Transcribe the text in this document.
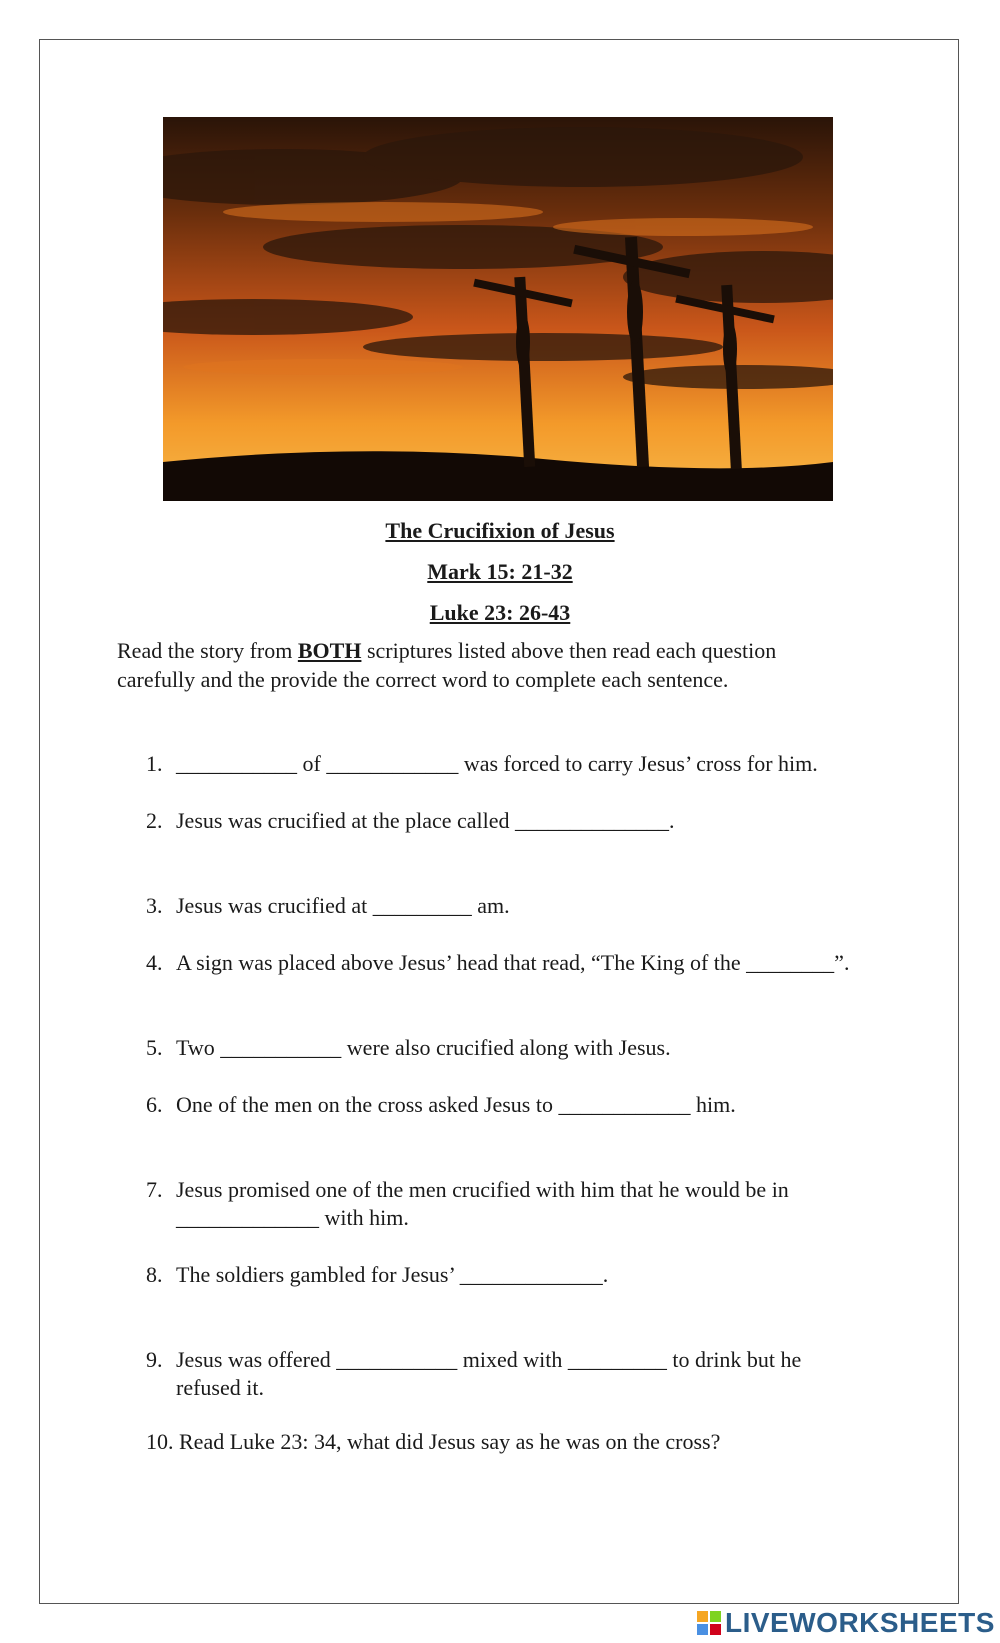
The Crucifixion of Jesus
Mark 15: 21-32
Luke 23: 26-43
Read the story from BOTH scriptures listed above then read each question carefully and the provide the correct word to complete each sentence.
1. ___________ of ____________ was forced to carry Jesus’ cross for him.
2. Jesus was crucified at the place called ______________.
3. Jesus was crucified at _________ am.
4. A sign was placed above Jesus’ head that read, “The King of the ________”.
5. Two ___________ were also crucified along with Jesus.
6. One of the men on the cross asked Jesus to ____________ him.
7. Jesus promised one of the men crucified with him that he would be in
_____________ with him.
8. The soldiers gambled for Jesus’ _____________.
9. Jesus was offered ___________ mixed with _________ to drink but he
refused it.
10. Read Luke 23: 34, what did Jesus say as he was on the cross?
LIVEWORKSHEETS
